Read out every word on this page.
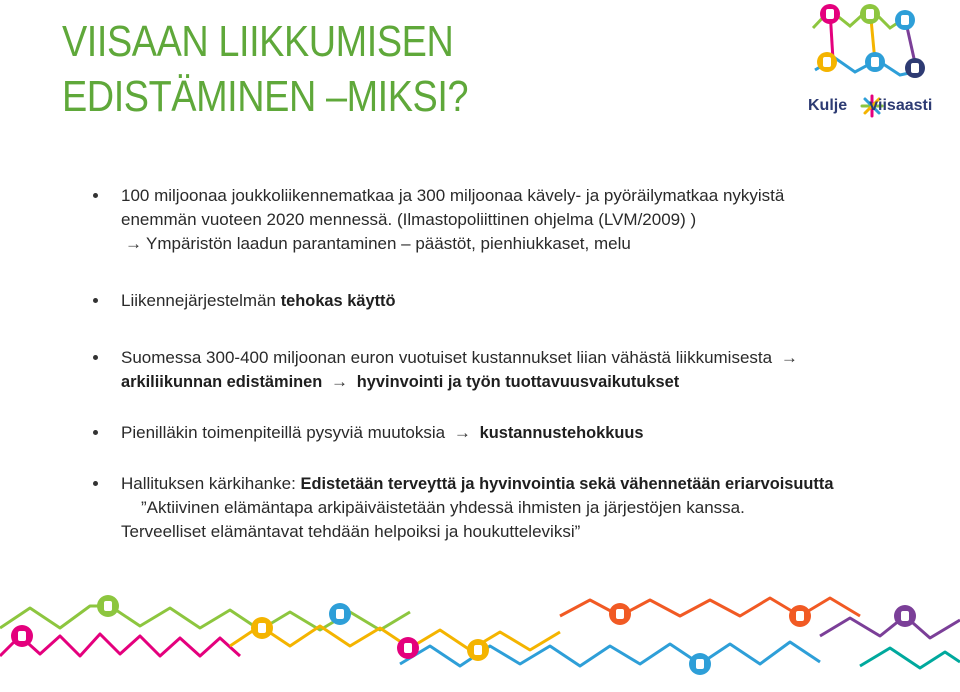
VIISAAN LIIKKUMISEN
EDISTÄMINEN –MIKSI?	Kulje viisaasti
100 miljoonaa joukkoliikennematkaa ja 300 miljoonaa kävely- ja pyöräilymatkaa nykyistä
enemmän vuoteen 2020 mennessä. (Ilmastopoliittinen ohjelma (LVM/2009) )
→ Ympäristön laadun parantaminen – päästöt, pienhiukkaset, melu
Liikennejärjestelmän tehokas käyttö
Suomessa 300-400 miljoonan euron vuotuiset kustannukset liian vähästä liikkumisesta →
arkiliikunnan edistäminen → hyvinvointi ja työn tuottavuusvaikutukset
Pienilläkin toimenpiteillä pysyviä muutoksia → kustannustehokkuus
Hallituksen kärkihanke: Edistetään terveyttä ja hyvinvointia sekä vähennetään eriarvoisuutta
”Aktiivinen elämäntapa arkipäiväistetään yhdessä ihmisten ja järjestöjen kanssa.
Terveelliset elämäntavat tehdään helpoiksi ja houkutteleviksi”
